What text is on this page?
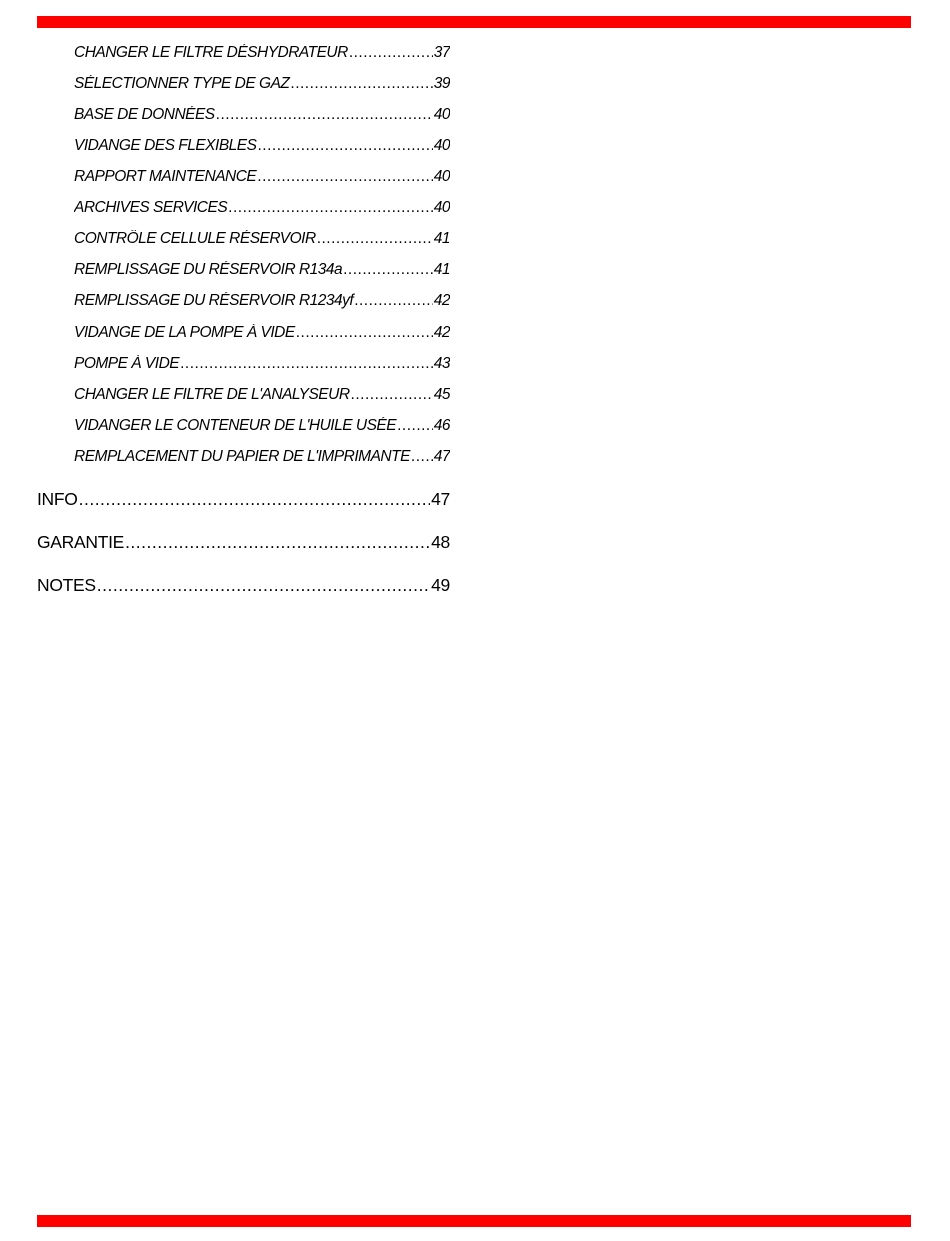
CHANGER LE FILTRE DÉSHYDRATEUR .....	37
SÉLECTIONNER TYPE DE GAZ .....	39
BASE DE DONNÉES .....	40
VIDANGE DES FLEXIBLES .....	40
RAPPORT MAINTENANCE .....	40
ARCHIVES SERVICES .....	40
CONTRÔLE CELLULE RÉSERVOIR .....	41
REMPLISSAGE DU RÉSERVOIR R134a .....	41
REMPLISSAGE DU RÉSERVOIR R1234yf .....	42
VIDANGE DE LA POMPE À VIDE .....	42
POMPE À VIDE .....	43
CHANGER LE FILTRE DE L'ANALYSEUR .....	45
VIDANGER LE CONTENEUR DE L'HUILE USÉE ..... 46
REMPLACEMENT DU PAPIER DE L'IMPRIMANTE ..... 47
INFO .....	47
GARANTIE .....	48
NOTES .....	49
